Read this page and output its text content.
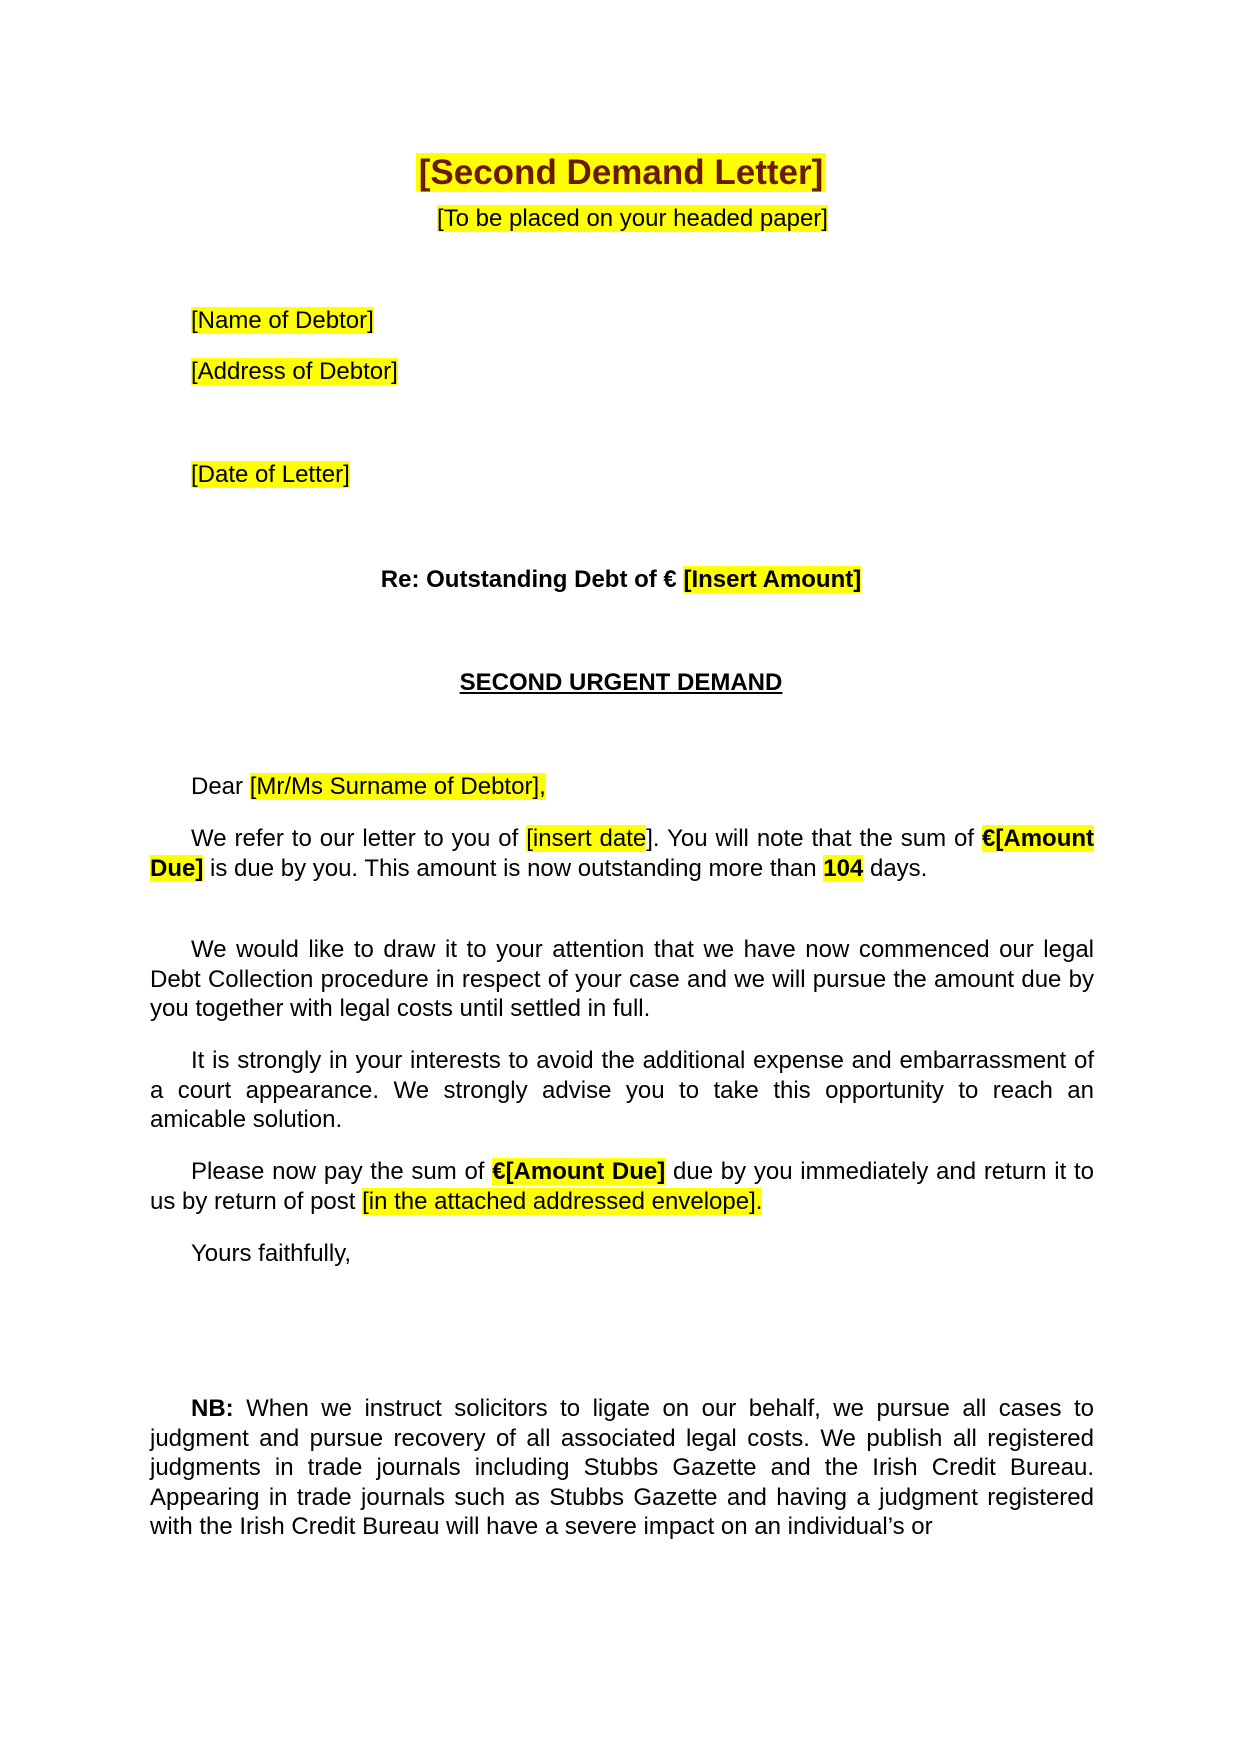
[Second Demand Letter]
[To be placed on your headed paper]
[Name of Debtor]
[Address of Debtor]
[Date of Letter]
Re: Outstanding Debt of € [Insert Amount]
SECOND URGENT DEMAND

Dear [Mr/Ms Surname of Debtor],

We refer to our letter to you of [insert date]. You will note that the sum of €[Amount Due] is due by you. This amount is now outstanding more than 104 days.

We would like to draw it to your attention that we have now commenced our legal Debt Collection procedure in respect of your case and we will pursue the amount due by you together with legal costs until settled in full.

It is strongly in your interests to avoid the additional expense and embarrassment of a court appearance. We strongly advise you to take this opportunity to reach an amicable solution.

Please now pay the sum of €[Amount Due] due by you immediately and return it to us by return of post [in the attached addressed envelope].

Yours faithfully,

NB: When we instruct solicitors to ligate on our behalf, we pursue all cases to judgment and pursue recovery of all associated legal costs. We publish all registered judgments in trade journals including Stubbs Gazette and the Irish Credit Bureau. Appearing in trade journals such as Stubbs Gazette and having a judgment registered with the Irish Credit Bureau will have a severe impact on an individual’s or
